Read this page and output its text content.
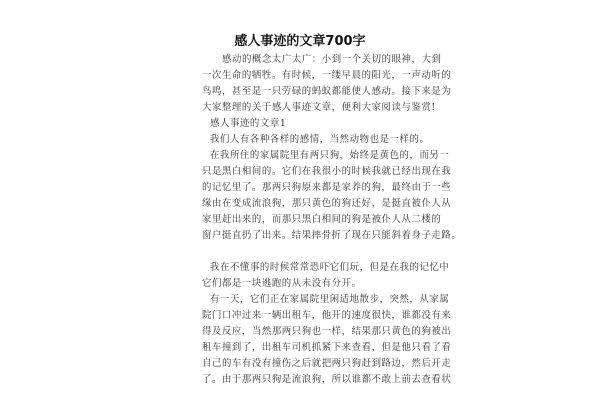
感人事迹的文章700字
感动的概念太广太广：小到一个关切的眼神，大到
一次生命的牺牲。有时候，一缕早晨的阳光，一声动听的
鸟鸣，甚至是一只劳碌的蚂蚁都能使人感动。接下来是为
大家整理的关于感人事迹文章，便利大家阅读与鉴赏!
感人事迹的文章1
我们人有各种各样的感情，当然动物也是一样的。
在我所住的家属院里有两只狗，始终是黄色的，而另一
只是黑白相间的。它们在我很小的时候我就已经出现在我
的记忆里了。那两只狗原来都是家养的狗，最终由于一些
缘由在变成流浪狗，那只黄色的狗还好，是挺直被仆人从
家里赶出来的，而那只黑白相间的狗是被仆人从二楼的
窗户挺直扔了出来。结果摔骨折了现在只能斜着身子走路。
我在不懂事的时候常常恐吓它们玩，但是在我的记忆中
它们都是一块逃跑的从未没有分开。
有一天，它们正在家属院里闲适地散步，突然，从家属
院门口冲过来一辆出租车，他开的速度很快，谁都没有来
得及反应，当然那两只狗也一样，结果那只黄色的狗被出
租车撞到了，出租车司机抓紧下来查看，但是他只看了看
自己的车有没有撞伤之后就把两只狗赶到路边，然后开走
了。由于那两只狗是流浪狗，所以谁都不敢上前去查看状
